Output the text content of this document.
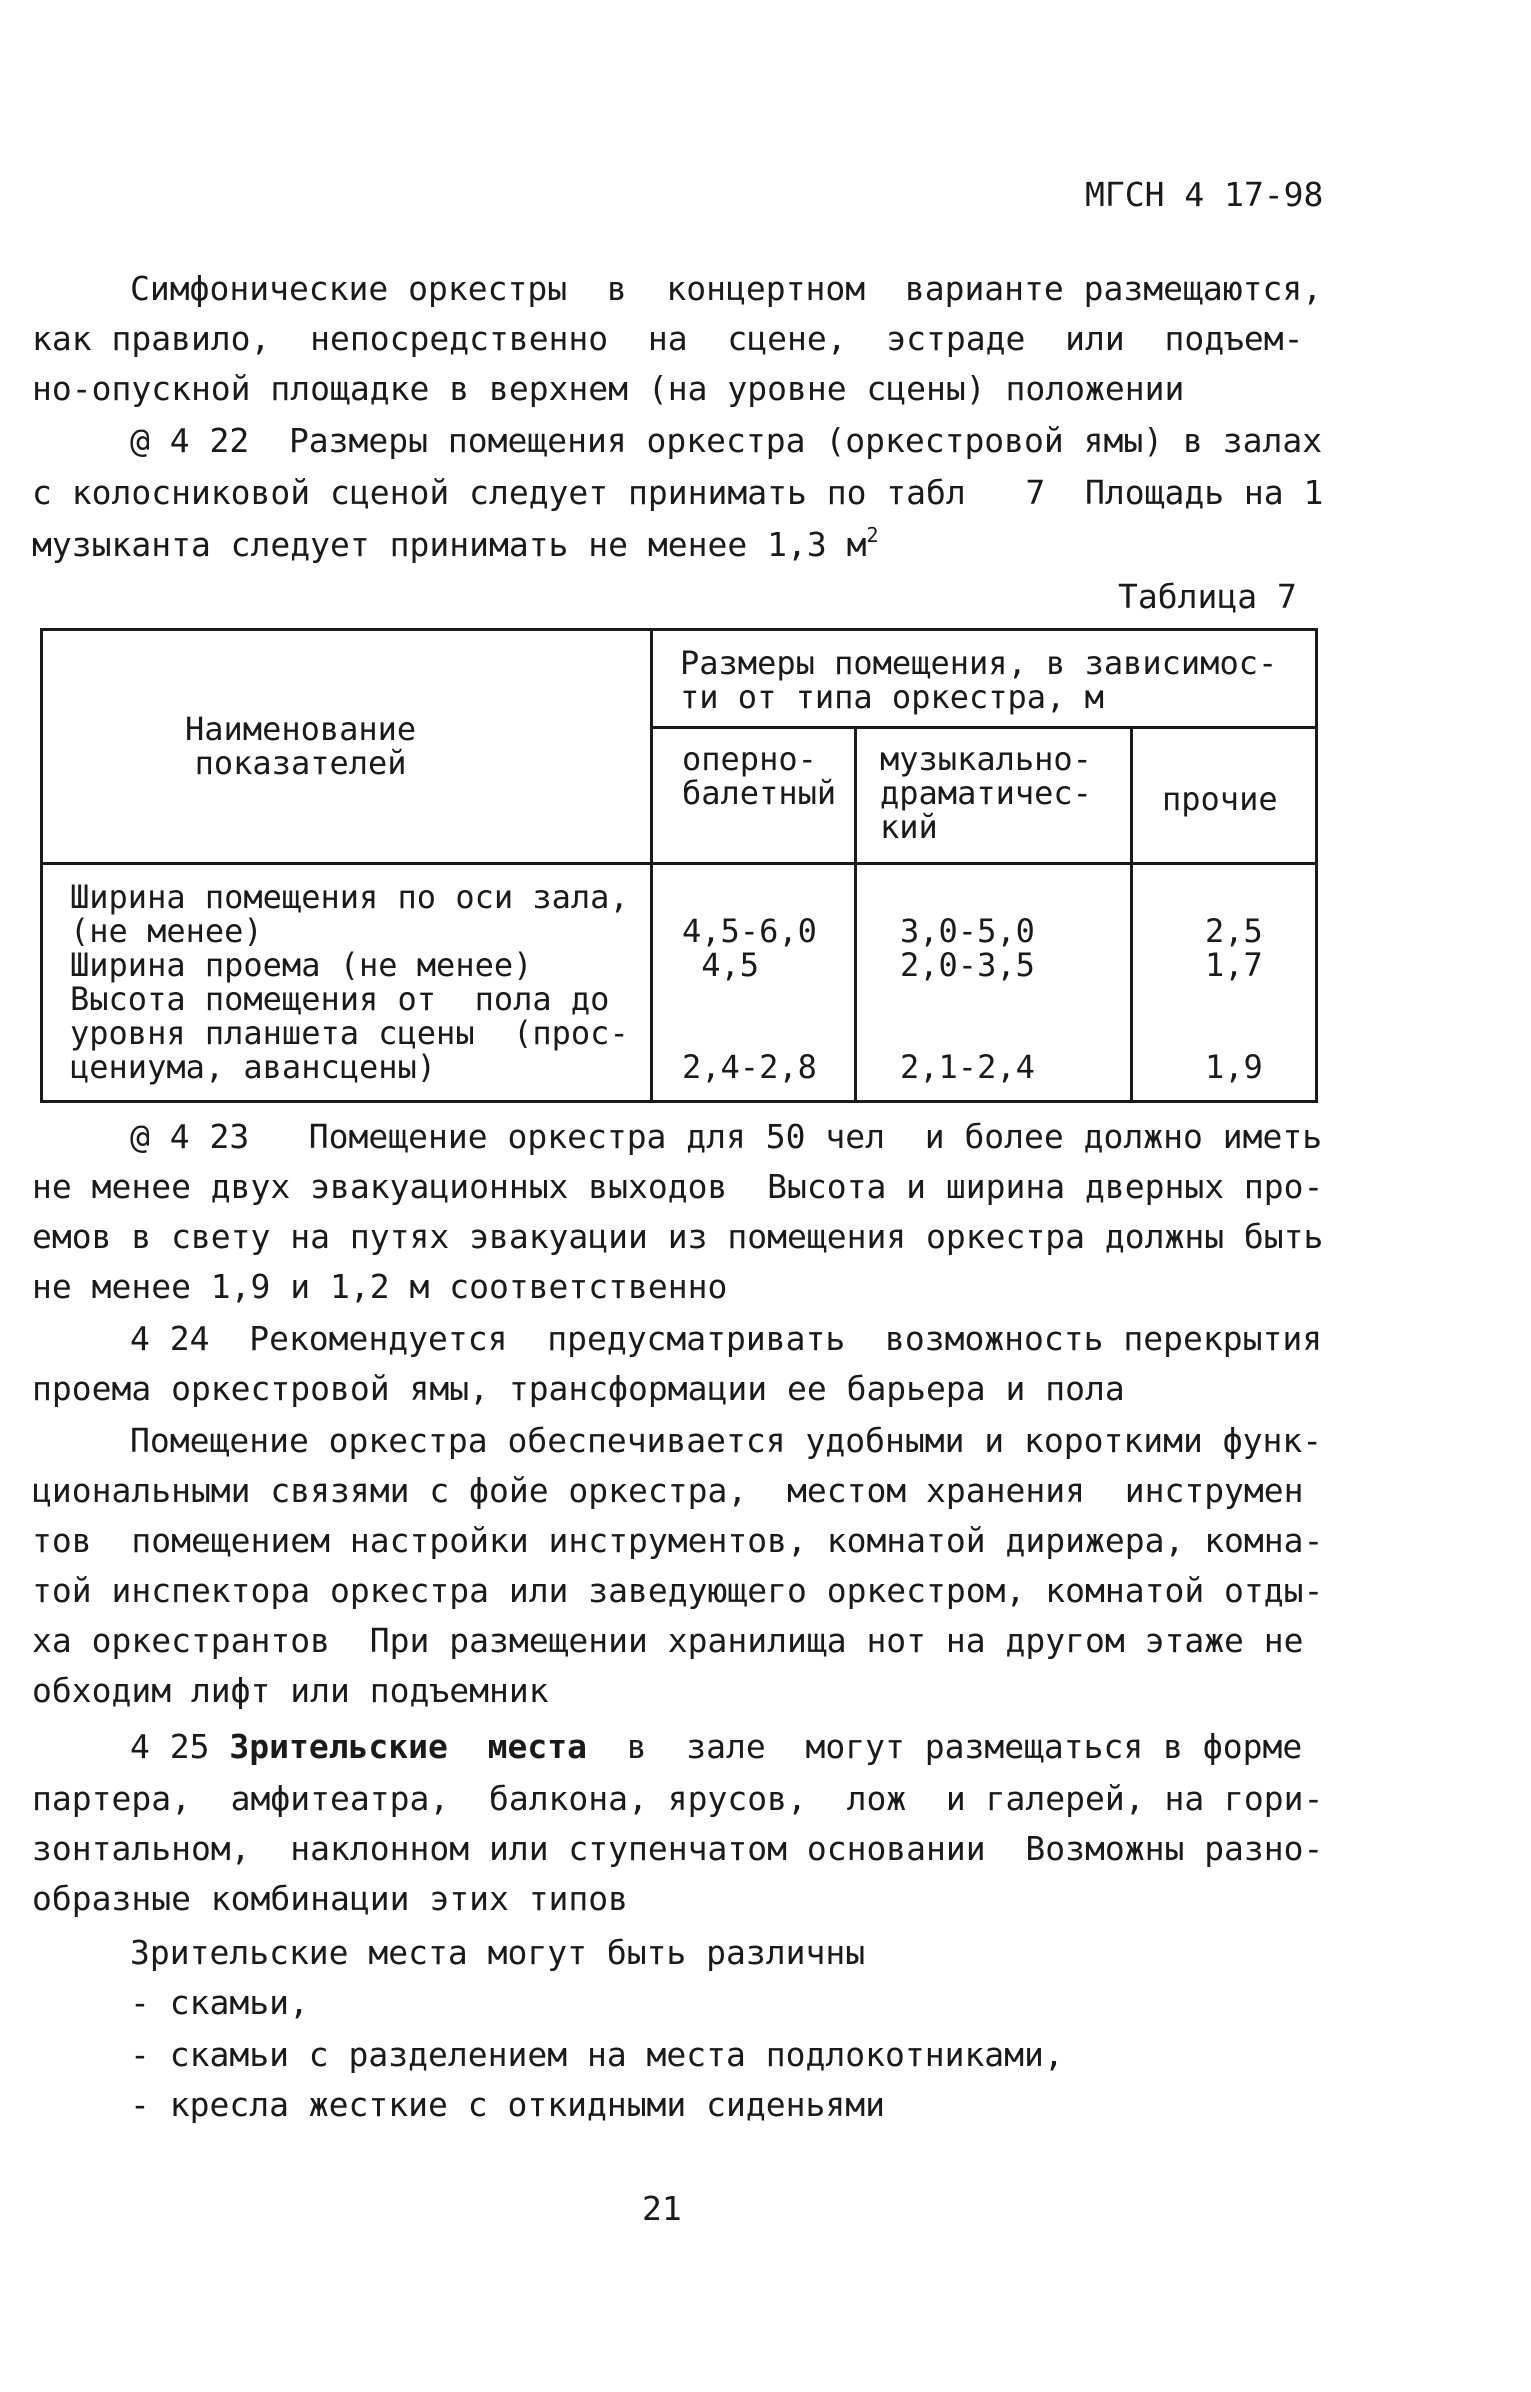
МГСН 4 17-98
Симфонические оркестры  в  концертном  варианте размещаются,
как правило,  непосредственно  на  сцене,  эстраде  или  подъем-
но-опускной площадке в верхнем (на уровне сцены) положении
@ 4 22  Размеры помещения оркестра (оркестровой ямы) в залах
с колосниковой сценой следует принимать по табл   7  Площадь на 1
музыканта следует принимать не менее 1,3 $м^2$
Таблица 7
Наименование
показателей
Размеры помещения, в зависимос-
ти от типа оркестра, м
оперно-
балетный
музыкально-
драматичес-
кий
прочие
Ширина помещения по оси зала,
(не менее)
Ширина проема (не менее)
Высота помещения от  пола до
уровня планшета сцены  (прос-
цениума, авансцены)

4,5-6,0
4,5

2,4-2,8

3,0-5,0
2,0-3,5

2,1-2,4

2,5
1,7

1,9
@ 4 23   Помещение оркестра для 50 чел  и более должно иметь
не менее двух эвакуационных выходов  Высота и ширина дверных про-
емов в свету на путях эвакуации из помещения оркестра должны быть
не менее 1,9 и 1,2 м соответственно
4 24  Рекомендуется  предусматривать  возможность перекрытия
проема оркестровой ямы, трансформации ее барьера и пола
Помещение оркестра обеспечивается удобными и короткими функ-
циональными связями с фойе оркестра,  местом хранения  инструмен
тов  помещением настройки инструментов, комнатой дирижера, комна-
той инспектора оркестра или заведующего оркестром, комнатой отды-
ха оркестрантов  При размещении хранилища нот на другом этаже не
обходим лифт или подъемник
4 25 Зрительские  места  в  зале  могут размещаться в форме
партера,  амфитеатра,  балкона, ярусов,  лож  и галерей, на гори-
зонтальном,  наклонном или ступенчатом основании  Возможны разно-
образные комбинации этих типов
Зрительские места могут быть различны
- скамьи,
- скамьи с разделением на места подлокотниками,
- кресла жесткие с откидными сиденьями
21
